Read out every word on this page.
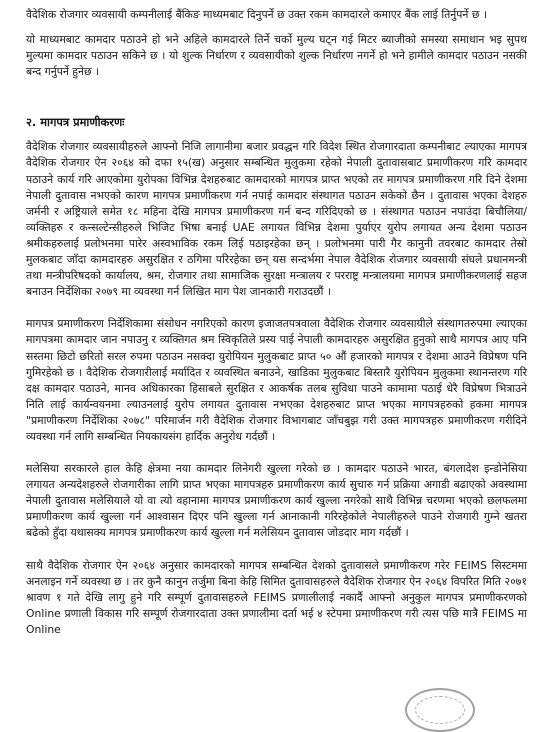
वैदेशिक रोजगार व्यवसायी कम्पनीलाई बैंकिङ माध्यमबाट दिनुपर्ने छ उक्त रकम कामदारले कमाएर बैंक लाई तिर्नुपर्ने छ ।

यो माध्यमबाट कामदार पठाउने हो भने अहिले कामदारले तिर्ने चर्को मुल्य घट्न गई मिटर ब्याजीको समस्या समाधान भइ सुपथ मुल्यमा कामदार पठाउन सकिने छ । यो शुल्क निर्धारण र व्यवसायीको शुल्क निर्धारण नगर्ने हो भने हामीले कामदार पठाउन नसकी बन्द गर्नुपर्ने हुनेछ ।

२. मागपत्र प्रमाणीकरणः

वैदेशिक रोजगार व्यवसायीहरुले आफ्नो निजि लागानीमा बजार प्रवद्धन गरि विदेश स्थित रोजगारदाता कम्पनीबाट ल्याएका मागपत्र वैदेशिक रोजगार ऐन २०६४ को दफा १५(ख) अनुसार सम्बन्धित मुलुकमा रहेको नेपाली दुतावासबाट प्रमाणीकरण गरि कामदार पठाउने कार्य गरि आएकोमा युरोपका विभिन्न देशहरुबाट कामदारको मागपत्र प्राप्त भएको तर मागपत्र प्रमाणीकरण गरि दिने देशमा नेपाली दुतावास नभएको कारण मागपत्र प्रमाणीकरण गर्न नपाई कामदार संस्थागत पठाउन सकेको छैन । दुतावास भएका देशहरु जर्मनी र अष्ट्रियाले समेत १८ महिना देखि मागपत्र प्रमाणीकरण गर्न बन्द गरिदिएको छ । संस्थागत पठाउन नपाउंदा बिचौलिया/व्यक्तिहरु र कन्सल्टेन्सीहरुले भिजिट भिषा बनाई UAE लगायत विभिन्न देशमा पुर्याएर युरोप लगायत अन्य देशमा पठाउन श्रमीकहरुलाई प्रलोभनमा पारेर अस्वभाविक रकम लिई पठाइरहेका छन् । प्रलोभनमा पारी गैर कानुनी तवरबाट कामदार तेस्रो मुलकबाट जाँदा कामदारहरु असुरक्षित र ठगिमा परिरहेका छन् यस सन्दर्भमा नेपाल वैदेशिक रोजगार व्यवसायी संघले प्रधानमन्त्री तथा मन्त्रीपरिषदको कार्यालय, श्रम, रोजगार तथा सामाजिक सुरक्षा मन्त्रालय र परराष्ट्र मन्त्रालयमा मागपत्र प्रमाणीकरणलाई सहज बनाउन निर्देशिका २०७९ मा व्यवस्था गर्न लिखित माग पेश जानकारी गराउदछौं ।

मागपत्र प्रमाणीकरण निर्देशिकामा संसोधन नगरिएको कारण इजाजतपत्रवाला वैदेशिक रोजगार व्यवसायीले संस्थागतरुपमा ल्याएका मागपत्रमा कामदार जान नपाउनु र व्यक्तिगत श्रम स्विकृतिले प्रस्य पाई नेपाली कामदारहरु असुरक्षित हुनुको साथै मागपत्र आए पनि सस्तमा छिटो छरितो सरल रुपमा पठाउन नसक्दा युरोपियन मुलुकबाट प्राप्त ५० औं हजारको मागपत्र र देशमा आउने विप्रेषण पनि गुमिरहेको छ । वैदेशिक रोजगारीलाई मर्यादित र व्यवस्थित बनाउने, खाडिका मुलुकबाट बिस्तारै युरोपियन मुलुकमा स्थानन्तरण गरि दक्ष कामदार पठाउने, मानव अधिकारका हिसाबले सुरक्षित र आकर्षक तलब सुविधा पाउने कामामा पठाई धेरै विप्रेषण भित्राउने निति लाई कार्यन्वयनमा ल्याउनलाई युरोप लगायत दुतावास नभएका देशहरुबाट प्राप्त भएका मागपत्रहरुको हकमा मागपत्र "प्रमाणीकरण निर्देशिका २०७८" परिमार्जन गरी वैदेशिक रोजगार विभागबाट जाँचबुझ गरी उक्त मागपत्रहरु प्रमाणीकरण गरीदिने व्यवस्था गर्न लागि सम्बन्धित नियकायसंग हार्दिक अनुरोध गर्दछौं ।

मलेसिया सरकारले हाल केहि क्षेत्रमा नया कामदार लिनेगरी खुल्ला गरेको छ । कामदार पठाउने भारत, बंगलादेश इन्डोनेसिया लगायत अन्यदेशहरुले रोजगारीका लागि प्राप्त भएका मागपत्रहरु प्रमाणीकरण कार्य सुचारु गर्न प्रक्रिया अगाडी बढाएको अवस्थामा नेपाली दुतावास मलेसियाले यो वा त्यो वहानामा मागपत्र प्रमाणीकरण कार्य खुल्ला नगरेको साथै विभिन्न चरणमा भएको छलफलमा प्रमाणीकरण कार्य खुल्ला गर्न आश्वासन दिएर पनि खुल्ला गर्न आनाकानी गरिरहेकोले नेपालीहरुले पाउने रोजगारी गुम्ने खतरा बढेको हुँदा यथासक्य मागपत्र प्रमाणीकरण कार्य खुल्ला गर्न मलेसियन दुतावास जोडदार माग गर्दछौं ।

साथै वैदेशिक रोजगार ऐन २०६४ अनुसार कामदारको मागपत्र सम्बन्धित देशको दुतावासले प्रमाणीकरण गरेर FEIMS सिस्टममा अनलाइन गर्ने व्यवस्था छ । तर कुनै कानुन तर्जुमा बिना केहि सिमित दुतावासहरुले वैदेशिक रोजगार ऐन २०६४ विपरित मिति २०७१ श्रावण १ गते देखि लागु हुने गरि सम्पूर्ण दुतावासहरुले FEIMS प्रणालीलाई नकार्दै आफ्नो अनुकुल मागपत्र प्रमाणीकरणको Online प्रणाली विकास गरि सम्पूर्ण रोजगारदाता उक्त प्रणालीमा दर्ता भई ४ स्टेपमा प्रमाणीकरण गरी त्यस पछि मात्रै FEIMS मा Online
